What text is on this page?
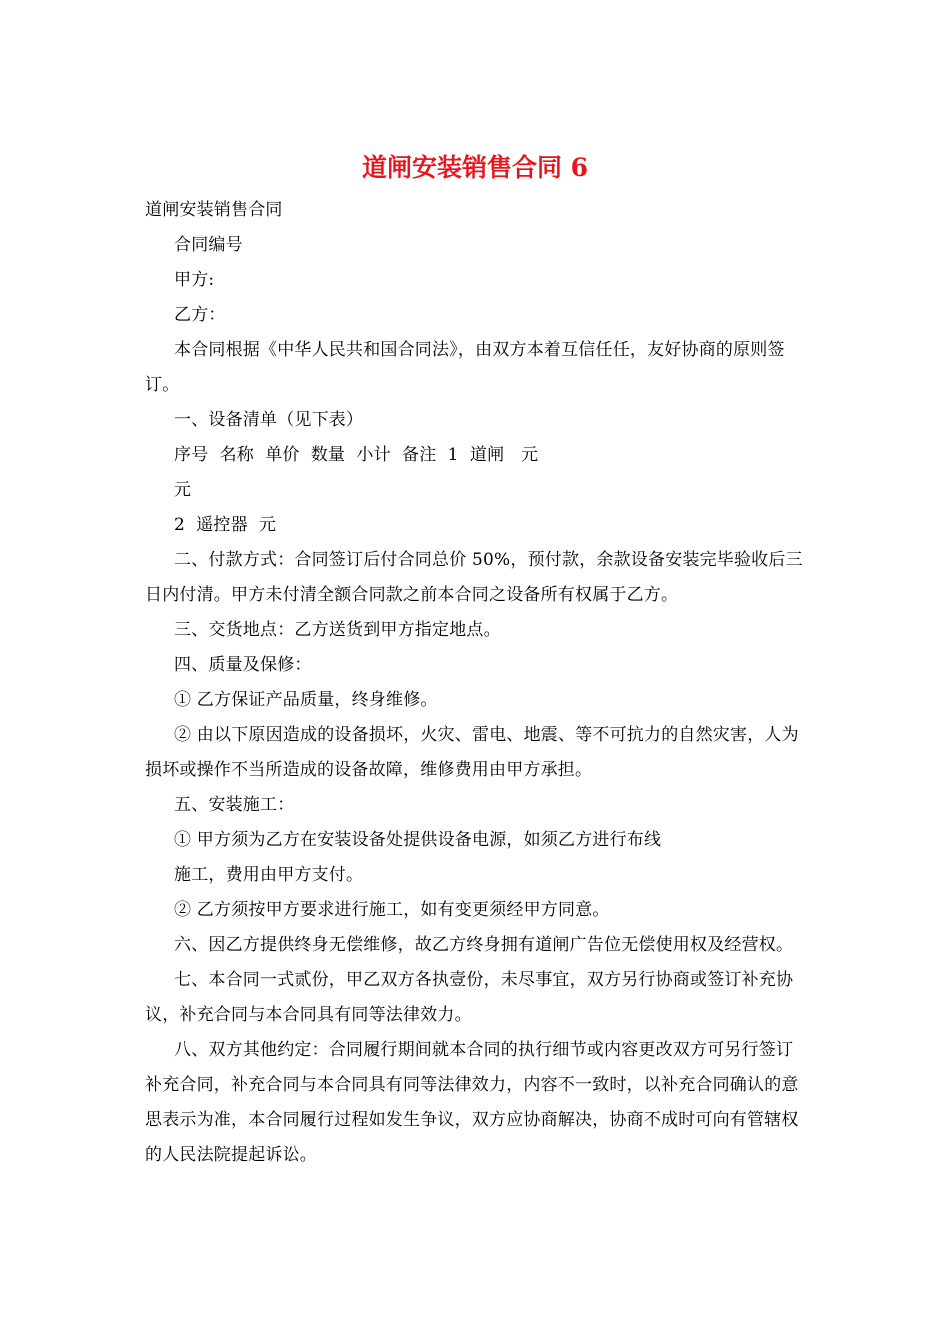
道闸安装销售合同 6

道闸安装销售合同

合同编号

甲方:

乙方：

本合同根据《中华人民共和国合同法》，由双方本着互信任任，友好协商的原则签订。

一、设备清单（见下表）

序号  名称  单价  数量  小计  备注  1  道闸   元

元

2  遥控器  元

二、付款方式：合同签订后付合同总价 50%，预付款，余款设备安装完毕验收后三日内付清。甲方未付清全额合同款之前本合同之设备所有权属于乙方。

三、交货地点：乙方送货到甲方指定地点。

四、质量及保修：

① 乙方保证产品质量，终身维修。

② 由以下原因造成的设备损坏，火灾、雷电、地震、等不可抗力的自然灾害，人为损坏或操作不当所造成的设备故障，维修费用由甲方承担。

五、安装施工：

① 甲方须为乙方在安装设备处提供设备电源，如须乙方进行布线

施工，费用由甲方支付。

② 乙方须按甲方要求进行施工，如有变更须经甲方同意。

六、因乙方提供终身无偿维修，故乙方终身拥有道闸广告位无偿使用权及经营权。

七、本合同一式贰份，甲乙双方各执壹份，未尽事宜，双方另行协商或签订补充协议，补充合同与本合同具有同等法律效力。

八、双方其他约定：合同履行期间就本合同的执行细节或内容更改双方可另行签订补充合同，补充合同与本合同具有同等法律效力，内容不一致时，以补充合同确认的意思表示为准，本合同履行过程如发生争议，双方应协商解决，协商不成时可向有管辖权的人民法院提起诉讼。
